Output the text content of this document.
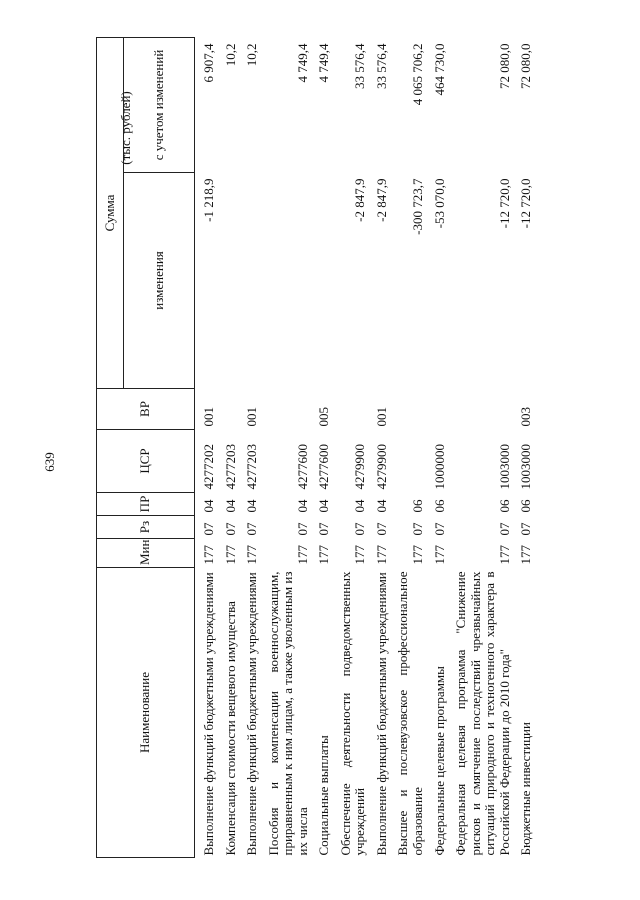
639
(тыс. рублей)
Наименование	Мин	Рз	ПР	ЦСР	ВР	Сумма	
						изменения	с учетом изменений
Выполнение функций бюджетными учреждениями	177	07	04	4277202	001	-1 218,9	6 907,4
Компенсация стоимости вещевого имущества	177	07	04	4277203			10,2
Выполнение функций бюджетными учреждениями	177	07	04	4277203	001		10,2
Пособия и компенсации военнослужащим, приравненным к ним лицам, а также уволенным из их числа	177	07	04	4277600			4 749,4
Социальные выплаты	177	07	04	4277600	005		4 749,4
Обеспечение деятельности подведомственных учреждений	177	07	04	4279900		-2 847,9	33 576,4
Выполнение функций бюджетными учреждениями	177	07	04	4279900	001	-2 847,9	33 576,4
Высшее и послевузовское профессиональное образование	177	07	06			-300 723,7	4 065 706,2
Федеральные целевые программы	177	07	06	1000000		-53 070,0	464 730,0
Федеральная целевая программа "Снижение рисков и смягчение последствий чрезвычайных ситуаций природного и техногенного характера в Российской Федерации до 2010 года"	177	07	06	1003000		-12 720,0	72 080,0
Бюджетные инвестиции	177	07	06	1003000	003	-12 720,0	72 080,0
